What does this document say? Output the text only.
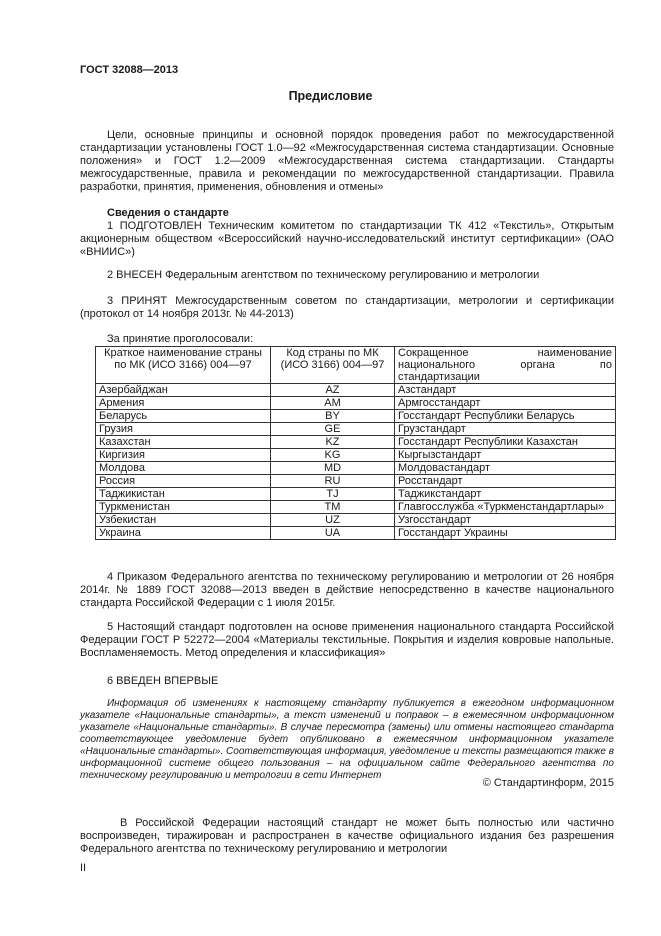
ГОСТ 32088—2013
Предисловие

Цели, основные принципы и основной порядок проведения работ по межгосударственной стандартизации установлены ГОСТ 1.0—92 «Межгосударственная система стандартизации. Основные положения» и ГОСТ 1.2—2009 «Межгосударственная система стандартизации. Стандарты межгосударственные, правила и рекомендации по межгосударственной стандартизации. Правила разработки, принятия, применения, обновления и отмены»

Сведения о стандарте

1 ПОДГОТОВЛЕН Техническим комитетом по стандартизации ТК 412 «Текстиль», Открытым акционерным обществом «Всероссийский научно-исследовательский институт сертификации» (ОАО «ВНИИС»)

2 ВНЕСЕН Федеральным агентством по техническому регулированию и метрологии

3 ПРИНЯТ Межгосударственным советом по стандартизации, метрологии и сертификации (протокол от 14 ноября 2013г. № 44-2013)

За принятие проголосовали:
Краткое наименование страны по МК (ИСО 3166) 004—97	Код страны по МК (ИСО 3166) 004—97	Сокращенное наименование национального органа по стандартизации
Азербайджан	AZ	Азстандарт
Армения	AM	Армгосстандарт
Беларусь	BY	Госстандарт Республики Беларусь
Грузия	GE	Грузстандарт
Казахстан	KZ	Госстандарт Республики Казахстан
Киргизия	KG	Кыргызстандарт
Молдова	MD	Молдовастандарт
Россия	RU	Росстандарт
Таджикистан	TJ	Таджикстандарт
Туркменистан	TM	Главгосслужба «Туркменстандартлары»
Узбекистан	UZ	Узгосстандарт
Украина	UA	Госстандарт Украины

4 Приказом Федерального агентства по техническому регулированию и метрологии от 26 ноября 2014г. № 1889 ГОСТ 32088—2013 введен в действие непосредственно в качестве национального стандарта Российской Федерации с 1 июля 2015г.

5 Настоящий стандарт подготовлен на основе применения национального стандарта Российской Федерации ГОСТ Р 52272—2004 «Материалы текстильные. Покрытия и изделия ковровые напольные. Воспламеняемость. Метод определения и классификация»

6 ВВЕДЕН ВПЕРВЫЕ

Информация об изменениях к настоящему стандарту публикуется в ежегодном информационном указателе «Национальные стандарты», а текст изменений и поправок – в ежемесячном информационном указателе «Национальные стандарты». В случае пересмотра (замены) или отмены настоящего стандарта соответствующее уведомление будет опубликовано в ежемесячном информационном указателе «Национальные стандарты». Соответствующая информация, уведомление и тексты размещаются также в информационной системе общего пользования – на официальном сайте Федерального агентства по техническому регулированию и метрологии в сети Интернет

© Стандартинформ, 2015

В Российской Федерации настоящий стандарт не может быть полностью или частично воспроизведен, тиражирован и распространен в качестве официального издания без разрешения Федерального агентства по техническому регулированию и метрологии

II
